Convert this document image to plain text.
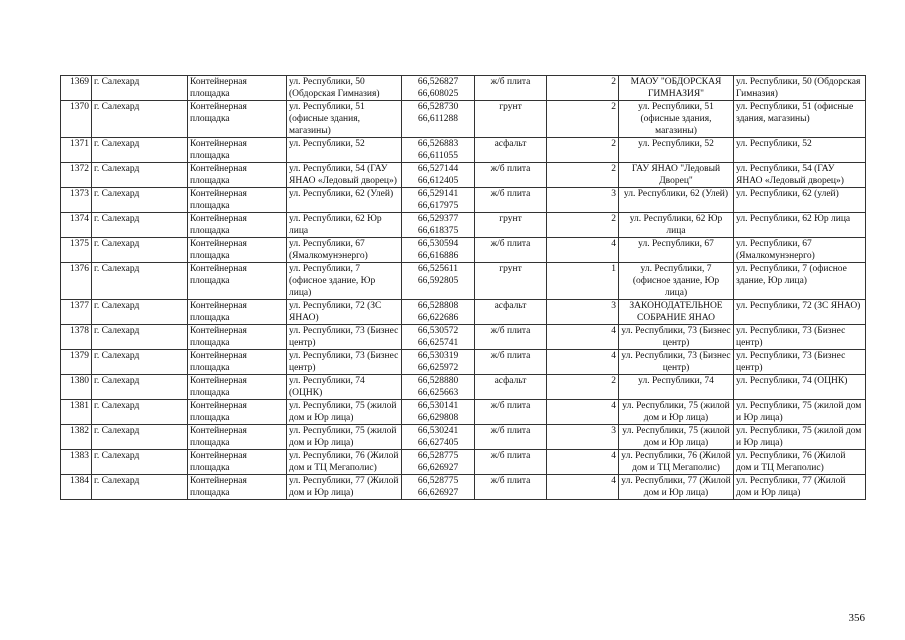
1369	г. Салехард	Контейнерная площадка	ул. Республики, 50 (Обдорская Гимназия)	66,526827 66,608025	ж/б плита	2	МАОУ "ОБДОРСКАЯ ГИМНАЗИЯ"	ул. Республики, 50 (Обдорская Гимназия)
1370	г. Салехард	Контейнерная площадка	ул. Республики, 51 (офисные здания, магазины)	66,528730 66,611288	грунт	2	ул. Республики, 51 (офисные здания, магазины)	ул. Республики, 51 (офисные здания, магазины)
1371	г. Салехард	Контейнерная площадка	ул. Республики, 52	66,526883 66,611055	асфальт	2	ул. Республики, 52	ул. Республики, 52
1372	г. Салехард	Контейнерная площадка	ул. Республики, 54 (ГАУ ЯНАО «Ледовый дворец»)	66,527144 66,612405	ж/б плита	2	ГАУ ЯНАО "Ледовый Дворец"	ул. Республики, 54 (ГАУ ЯНАО «Ледовый дворец»)
1373	г. Салехард	Контейнерная площадка	ул. Республики, 62 (Улей)	66,529141 66,617975	ж/б плита	3	ул. Республики, 62 (Улей)	ул. Республики, 62 (улей)
1374	г. Салехард	Контейнерная площадка	ул. Республики, 62 Юр лица	66,529377 66,618375	грунт	2	ул. Республики, 62 Юр лица	ул. Республики, 62 Юр лица
1375	г. Салехард	Контейнерная площадка	ул. Республики, 67 (Ямалкомунэнерго)	66,530594 66,616886	ж/б плита	4	ул. Республики, 67	ул. Республики, 67 (Ямалкомунэнерго)
1376	г. Салехард	Контейнерная площадка	ул. Республики, 7 (офисное здание, Юр лица)	66,525611 66,592805	грунт	1	ул. Республики, 7 (офисное здание, Юр лица)	ул. Республики, 7 (офисное здание, Юр лица)
1377	г. Салехард	Контейнерная площадка	ул. Республики, 72 (ЗС ЯНАО)	66,528808 66,622686	асфальт	3	ЗАКОНОДАТЕЛЬНОЕ СОБРАНИЕ ЯНАО	ул. Республики, 72 (ЗС ЯНАО)
1378	г. Салехард	Контейнерная площадка	ул. Республики, 73 (Бизнес центр)	66,530572 66,625741	ж/б плита	4	ул. Республики, 73 (Бизнес центр)	ул. Республики, 73 (Бизнес центр)
1379	г. Салехард	Контейнерная площадка	ул. Республики, 73 (Бизнес центр)	66,530319 66,625972	ж/б плита	4	ул. Республики, 73 (Бизнес центр)	ул. Республики, 73 (Бизнес центр)
1380	г. Салехард	Контейнерная площадка	ул. Республики, 74 (ОЦНК)	66,528880 66,625663	асфальт	2	ул. Республики, 74	ул. Республики, 74 (ОЦНК)
1381	г. Салехард	Контейнерная площадка	ул. Республики, 75 (жилой дом и Юр лица)	66,530141 66,629808	ж/б плита	4	ул. Республики, 75 (жилой дом и Юр лица)	ул. Республики, 75 (жилой дом и Юр лица)
1382	г. Салехард	Контейнерная площадка	ул. Республики, 75 (жилой дом и Юр лица)	66,530241 66,627405	ж/б плита	3	ул. Республики, 75 (жилой дом и Юр лица)	ул. Республики, 75 (жилой дом и Юр лица)
1383	г. Салехард	Контейнерная площадка	ул. Республики, 76 (Жилой дом и ТЦ Мегаполис)	66,528775 66,626927	ж/б плита	4	ул. Республики, 76 (Жилой дом и ТЦ Мегаполис)	ул. Республики, 76 (Жилой дом и ТЦ Мегаполис)
1384	г. Салехард	Контейнерная площадка	ул. Республики, 77 (Жилой дом и Юр лица)	66,528775 66,626927	ж/б плита	4	ул. Республики, 77 (Жилой дом и Юр лица)	ул. Республики, 77 (Жилой дом и Юр лица)
356
